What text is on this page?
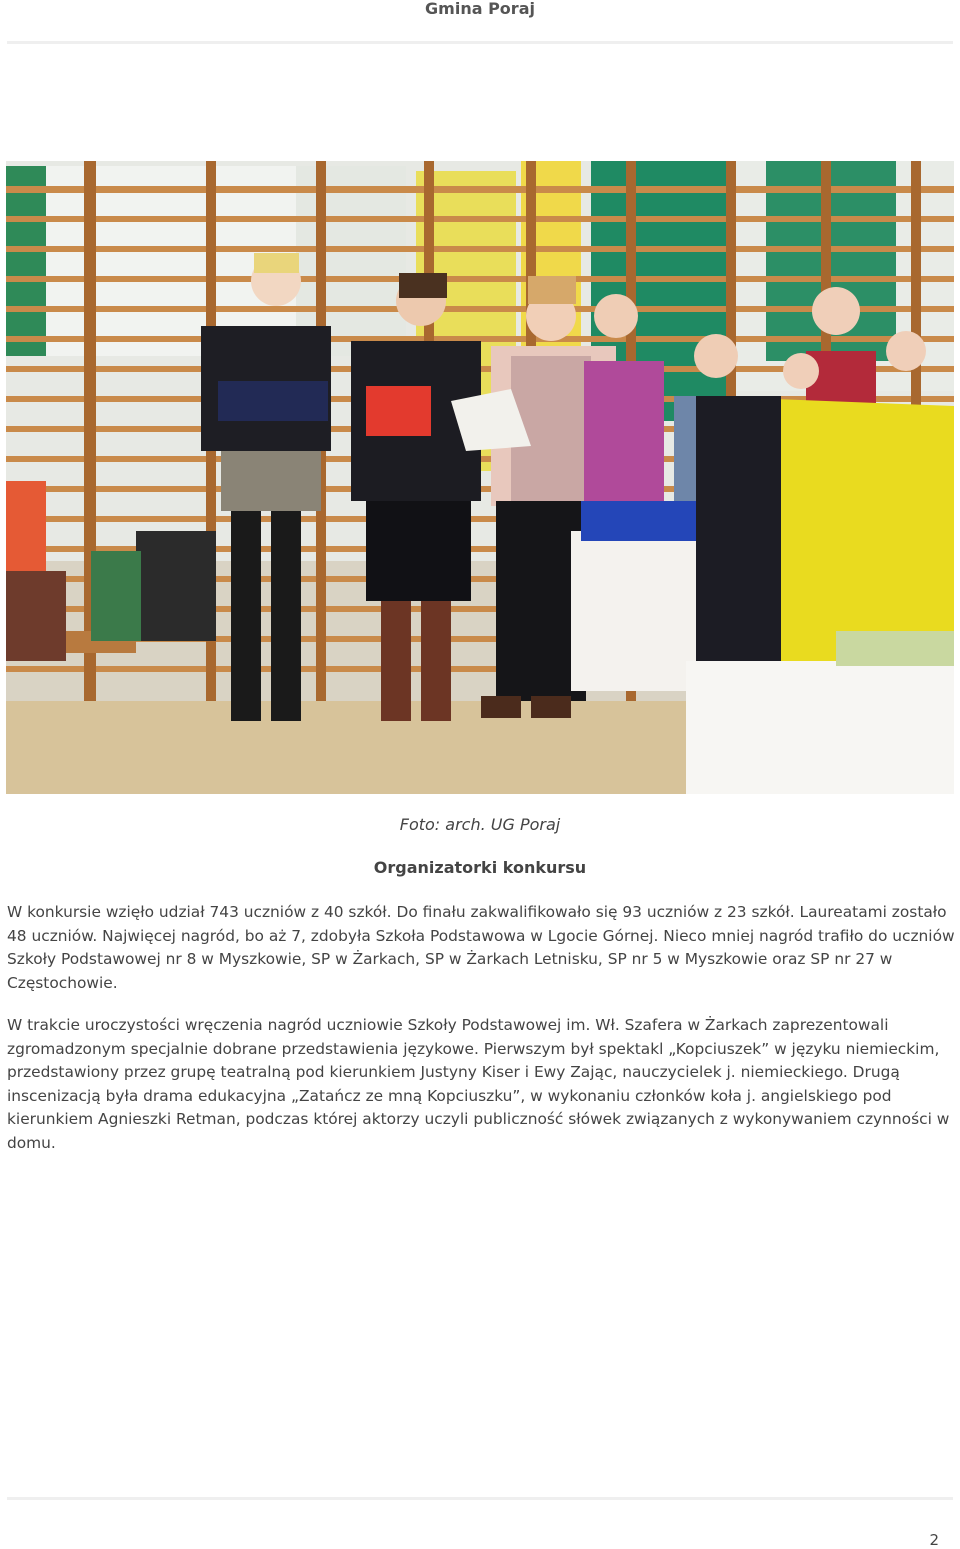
Gmina Poraj
Foto: arch. UG Poraj
Organizatorki konkursu

W konkursie wzięło udział 743 uczniów z 40 szkół. Do finału zakwalifikowało się 93 uczniów z 23 szkół. Laureatami zostało 48 uczniów. Najwięcej nagród, bo aż 7, zdobyła Szkoła Podstawowa w Lgocie Górnej. Nieco mniej nagród trafiło do uczniów Szkoły Podstawowej nr 8 w Myszkowie, SP w Żarkach, SP w Żarkach Letnisku, SP nr 5 w Myszkowie oraz SP nr 27 w Częstochowie.

W trakcie uroczystości wręczenia nagród uczniowie Szkoły Podstawowej im. Wł. Szafera w Żarkach zaprezentowali zgromadzonym specjalnie dobrane przedstawienia językowe. Pierwszym był spektakl „Kopciuszek” w języku niemieckim, przedstawiony przez grupę teatralną pod kierunkiem Justyny Kiser i Ewy Zając, nauczycielek j. niemieckiego. Drugą inscenizacją była drama edukacyjna „Zatańcz ze mną Kopciuszku”, w wykonaniu członków koła j. angielskiego pod kierunkiem Agnieszki Retman, podczas której aktorzy uczyli publiczność słówek związanych z wykonywaniem czynności w domu.

2
